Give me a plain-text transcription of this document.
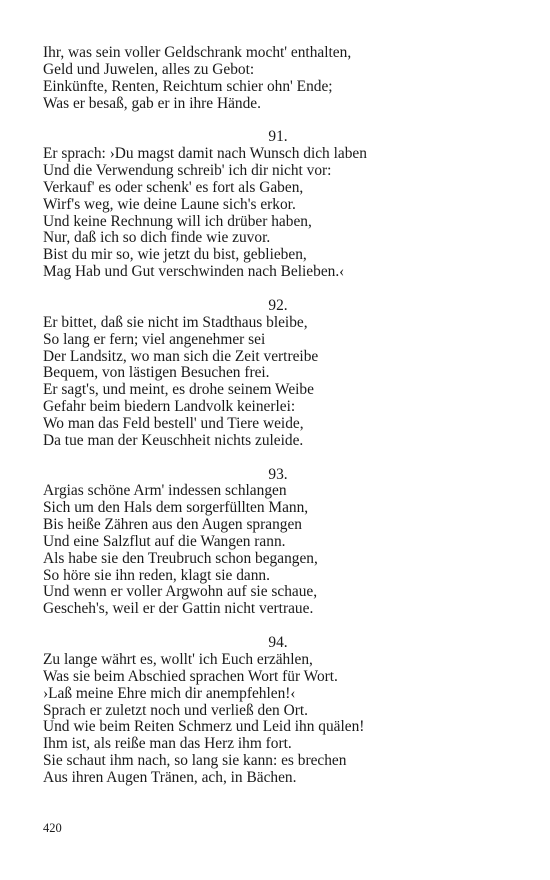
Ihr, was sein voller Geldschrank mocht' enthalten,
Geld und Juwelen, alles zu Gebot:
Einkünfte, Renten, Reichtum schier ohn' Ende;
Was er besaß, gab er in ihre Hände.
91.
Er sprach: ›Du magst damit nach Wunsch dich laben
Und die Verwendung schreib' ich dir nicht vor:
Verkauf' es oder schenk' es fort als Gaben,
Wirf's weg, wie deine Laune sich's erkor.
Und keine Rechnung will ich drüber haben,
Nur, daß ich so dich finde wie zuvor.
Bist du mir so, wie jetzt du bist, geblieben,
Mag Hab und Gut verschwinden nach Belieben.‹
92.
Er bittet, daß sie nicht im Stadthaus bleibe,
So lang er fern; viel angenehmer sei
Der Landsitz, wo man sich die Zeit vertreibe
Bequem, von lästigen Besuchen frei.
Er sagt's, und meint, es drohe seinem Weibe
Gefahr beim biedern Landvolk keinerlei:
Wo man das Feld bestell' und Tiere weide,
Da tue man der Keuschheit nichts zuleide.
93.
Argias schöne Arm' indessen schlangen
Sich um den Hals dem sorgerfüllten Mann,
Bis heiße Zähren aus den Augen sprangen
Und eine Salzflut auf die Wangen rann.
Als habe sie den Treubruch schon begangen,
So höre sie ihn reden, klagt sie dann.
Und wenn er voller Argwohn auf sie schaue,
Gescheh's, weil er der Gattin nicht vertraue.
94.
Zu lange währt es, wollt' ich Euch erzählen,
Was sie beim Abschied sprachen Wort für Wort.
›Laß meine Ehre mich dir anempfehlen!‹
Sprach er zuletzt noch und verließ den Ort.
Und wie beim Reiten Schmerz und Leid ihn quälen!
Ihm ist, als reiße man das Herz ihm fort.
Sie schaut ihm nach, so lang sie kann: es brechen
Aus ihren Augen Tränen, ach, in Bächen.
420
